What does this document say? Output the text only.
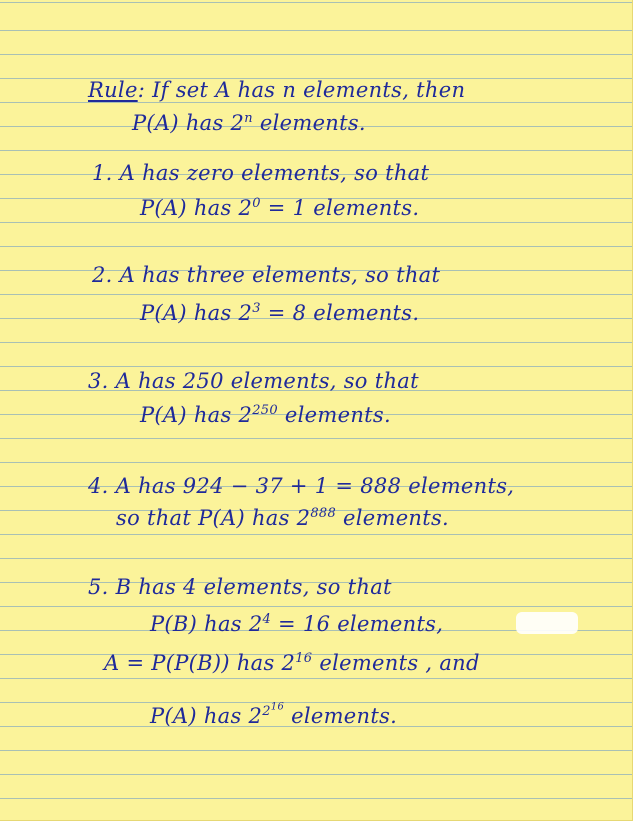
Rule: If set A has n elements, then
P(A) has 2$^n$ elements.
1. A has zero elements, so that
P(A) has $2^0 = 1$ elements.
2. A has three elements, so that
P(A) has $2^3 = 8$ elements.
3. A has 250 elements, so that
P(A) has $2^{250}$ elements.
4. A has 924 − 37 + 1 = 888 elements,
so that P(A) has $2^{888}$ elements.
5. B has 4 elements, so that
P(B) has $2^4 = 16$ elements,
A = P(P(B)) has $2^{16}$ elements , and
P(A) has $2^{2^{16}}$ elements.
